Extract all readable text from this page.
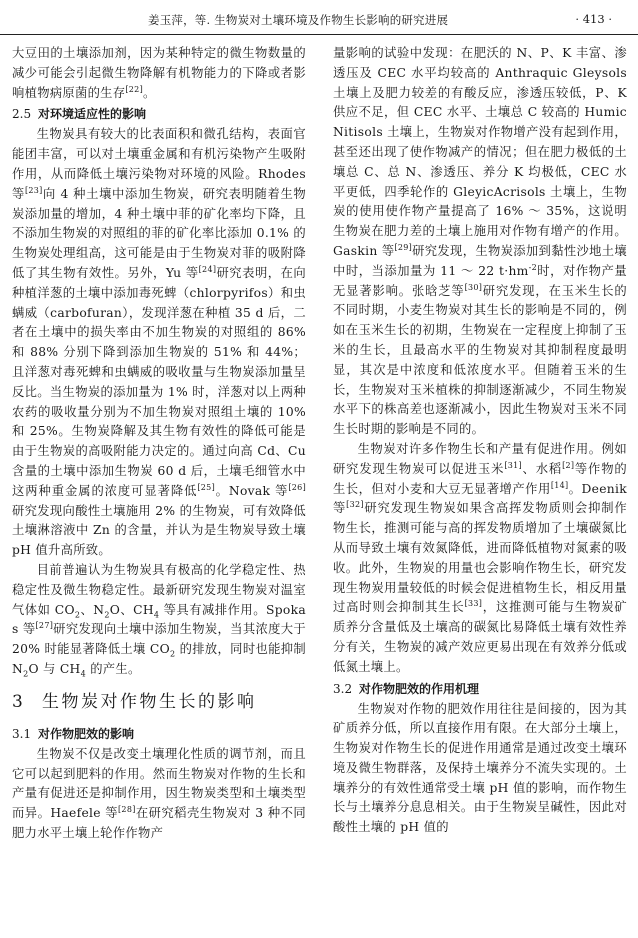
姜玉萍，等. 生物炭对土壤环境及作物生长影响的研究进展	· 413 ·

大豆田的土壤添加剂，因为某种特定的微生物数量的减少可能会引起微生物降解有机物能力的下降或者影响植物病原菌的生存[22]。

2.5 对环境适应性的影响

生物炭具有较大的比表面积和微孔结构，表面官能团丰富，可以对土壤重金属和有机污染物产生吸附作用，从而降低土壤污染物对环境的风险。Rhodes 等[23]向 4 种土壤中添加生物炭，研究表明随着生物炭添加量的增加，4 种土壤中菲的矿化率均下降，且不添加生物炭的对照组的菲的矿化率比添加 0.1% 的生物炭处理组高，这可能是由于生物炭对菲的吸附降低了其生物有效性。另外，Yu 等[24]研究表明，在向种植洋葱的土壤中添加毒死蜱（chlorpyrifos）和虫螨威（carbofuran），发现洋葱在种植 35 d 后，二者在土壤中的损失率由不加生物炭的对照组的 86% 和 88% 分别下降到添加生物炭的 51% 和 44%；且洋葱对毒死蜱和虫螨威的吸收量与生物炭添加量呈反比。当生物炭的添加量为 1% 时，洋葱对以上两种农药的吸收量分别为不加生物炭对照组土壤的 10% 和 25%。生物炭降解及其生物有效性的降低可能是由于生物炭的高吸附能力决定的。通过向高 Cd、Cu 含量的土壤中添加生物炭 60 d 后，土壤毛细管水中这两种重金属的浓度可显著降低[25]。Novak 等[26]研究发现向酸性土壤施用 2% 的生物炭，可有效降低土壤淋溶液中 Zn 的含量，并认为是生物炭导致土壤 pH 值升高所致。

目前普遍认为生物炭具有极高的化学稳定性、热稳定性及微生物稳定性。最新研究发现生物炭对温室气体如 $CO_2$、$N_2O$、$CH_4$ 等具有减排作用。Spokas 等[27]研究发现向土壤中添加生物炭，当其浓度大于 20% 时能显著降低土壤 $CO_2$ 的排放，同时也能抑制 $N_2O$ 与 $CH_4$ 的产生。

3 生物炭对作物生长的影响
3.1 对作物肥效的影响

生物炭不仅是改变土壤理化性质的调节剂，而且它可以起到肥料的作用。然而生物炭对作物的生长和产量有促进还是抑制作用，因生物炭类型和土壤类型而异。Haefele 等[28]在研究稻壳生物炭对 3 种不同肥力水平土壤上轮作作物产

量影响的试验中发现：在肥沃的 N、P、K 丰富、渗透压及 CEC 水平均较高的 Anthraquic Gleysols 土壤上及肥力较差的有酸反应，渗透压较低，P、K 供应不足，但 CEC 水平、土壤总 C 较高的 Humic Nitisols 土壤上，生物炭对作物增产没有起到作用，甚至还出现了使作物减产的情况；但在肥力极低的土壤总 C、总 N、渗透压、养分 K 均极低，CEC 水平更低，四季轮作的 GleyicAcrisols 土壤上，生物炭的使用使作物产量提高了 16% ～ 35%，这说明生物炭在肥力差的土壤上施用对作物有增产的作用。Gaskin 等[29]研究发现，生物炭添加到黏性沙地土壤中时，当添加量为 11 ～ 22 $t\cdot hm^{-2}$时，对作物产量无显著影响。张晗芝等[30]研究发现，在玉米生长的不同时期，小麦生物炭对其生长的影响是不同的，例如在玉米生长的初期，生物炭在一定程度上抑制了玉米的生长，且最高水平的生物炭对其抑制程度最明显，其次是中浓度和低浓度水平。但随着玉米的生长，生物炭对玉米植株的抑制逐渐减少，不同生物炭水平下的株高差也逐渐减小，因此生物炭对玉米不同生长时期的影响是不同的。

生物炭对许多作物生长和产量有促进作用。例如研究发现生物炭可以促进玉米[31]、水稻[2]等作物的生长，但对小麦和大豆无显著增产作用[14]。Deenik 等[32]研究发现生物炭如果含高挥发物质则会抑制作物生长，推测可能与高的挥发物质增加了土壤碳氮比从而导致土壤有效氮降低，进而降低植物对氮素的吸收。此外，生物炭的用量也会影响作物生长，研究发现生物炭用量较低的时候会促进植物生长，相反用量过高时则会抑制其生长[33]，这推测可能与生物炭矿质养分含量低及土壤高的碳氮比易降低土壤有效性养分有关，生物炭的减产效应更易出现在有效养分低或低氮土壤上。

3.2 对作物肥效的作用机理

生物炭对作物的肥效作用往往是间接的，因为其矿质养分低，所以直接作用有限。在大部分土壤上，生物炭对作物生长的促进作用通常是通过改变土壤环境及微生物群落，及保持土壤养分不流失实现的。土壤养分的有效性通常受土壤 pH 值的影响，而作物生长与土壤养分息息相关。由于生物炭呈碱性，因此对酸性土壤的 pH 值的
